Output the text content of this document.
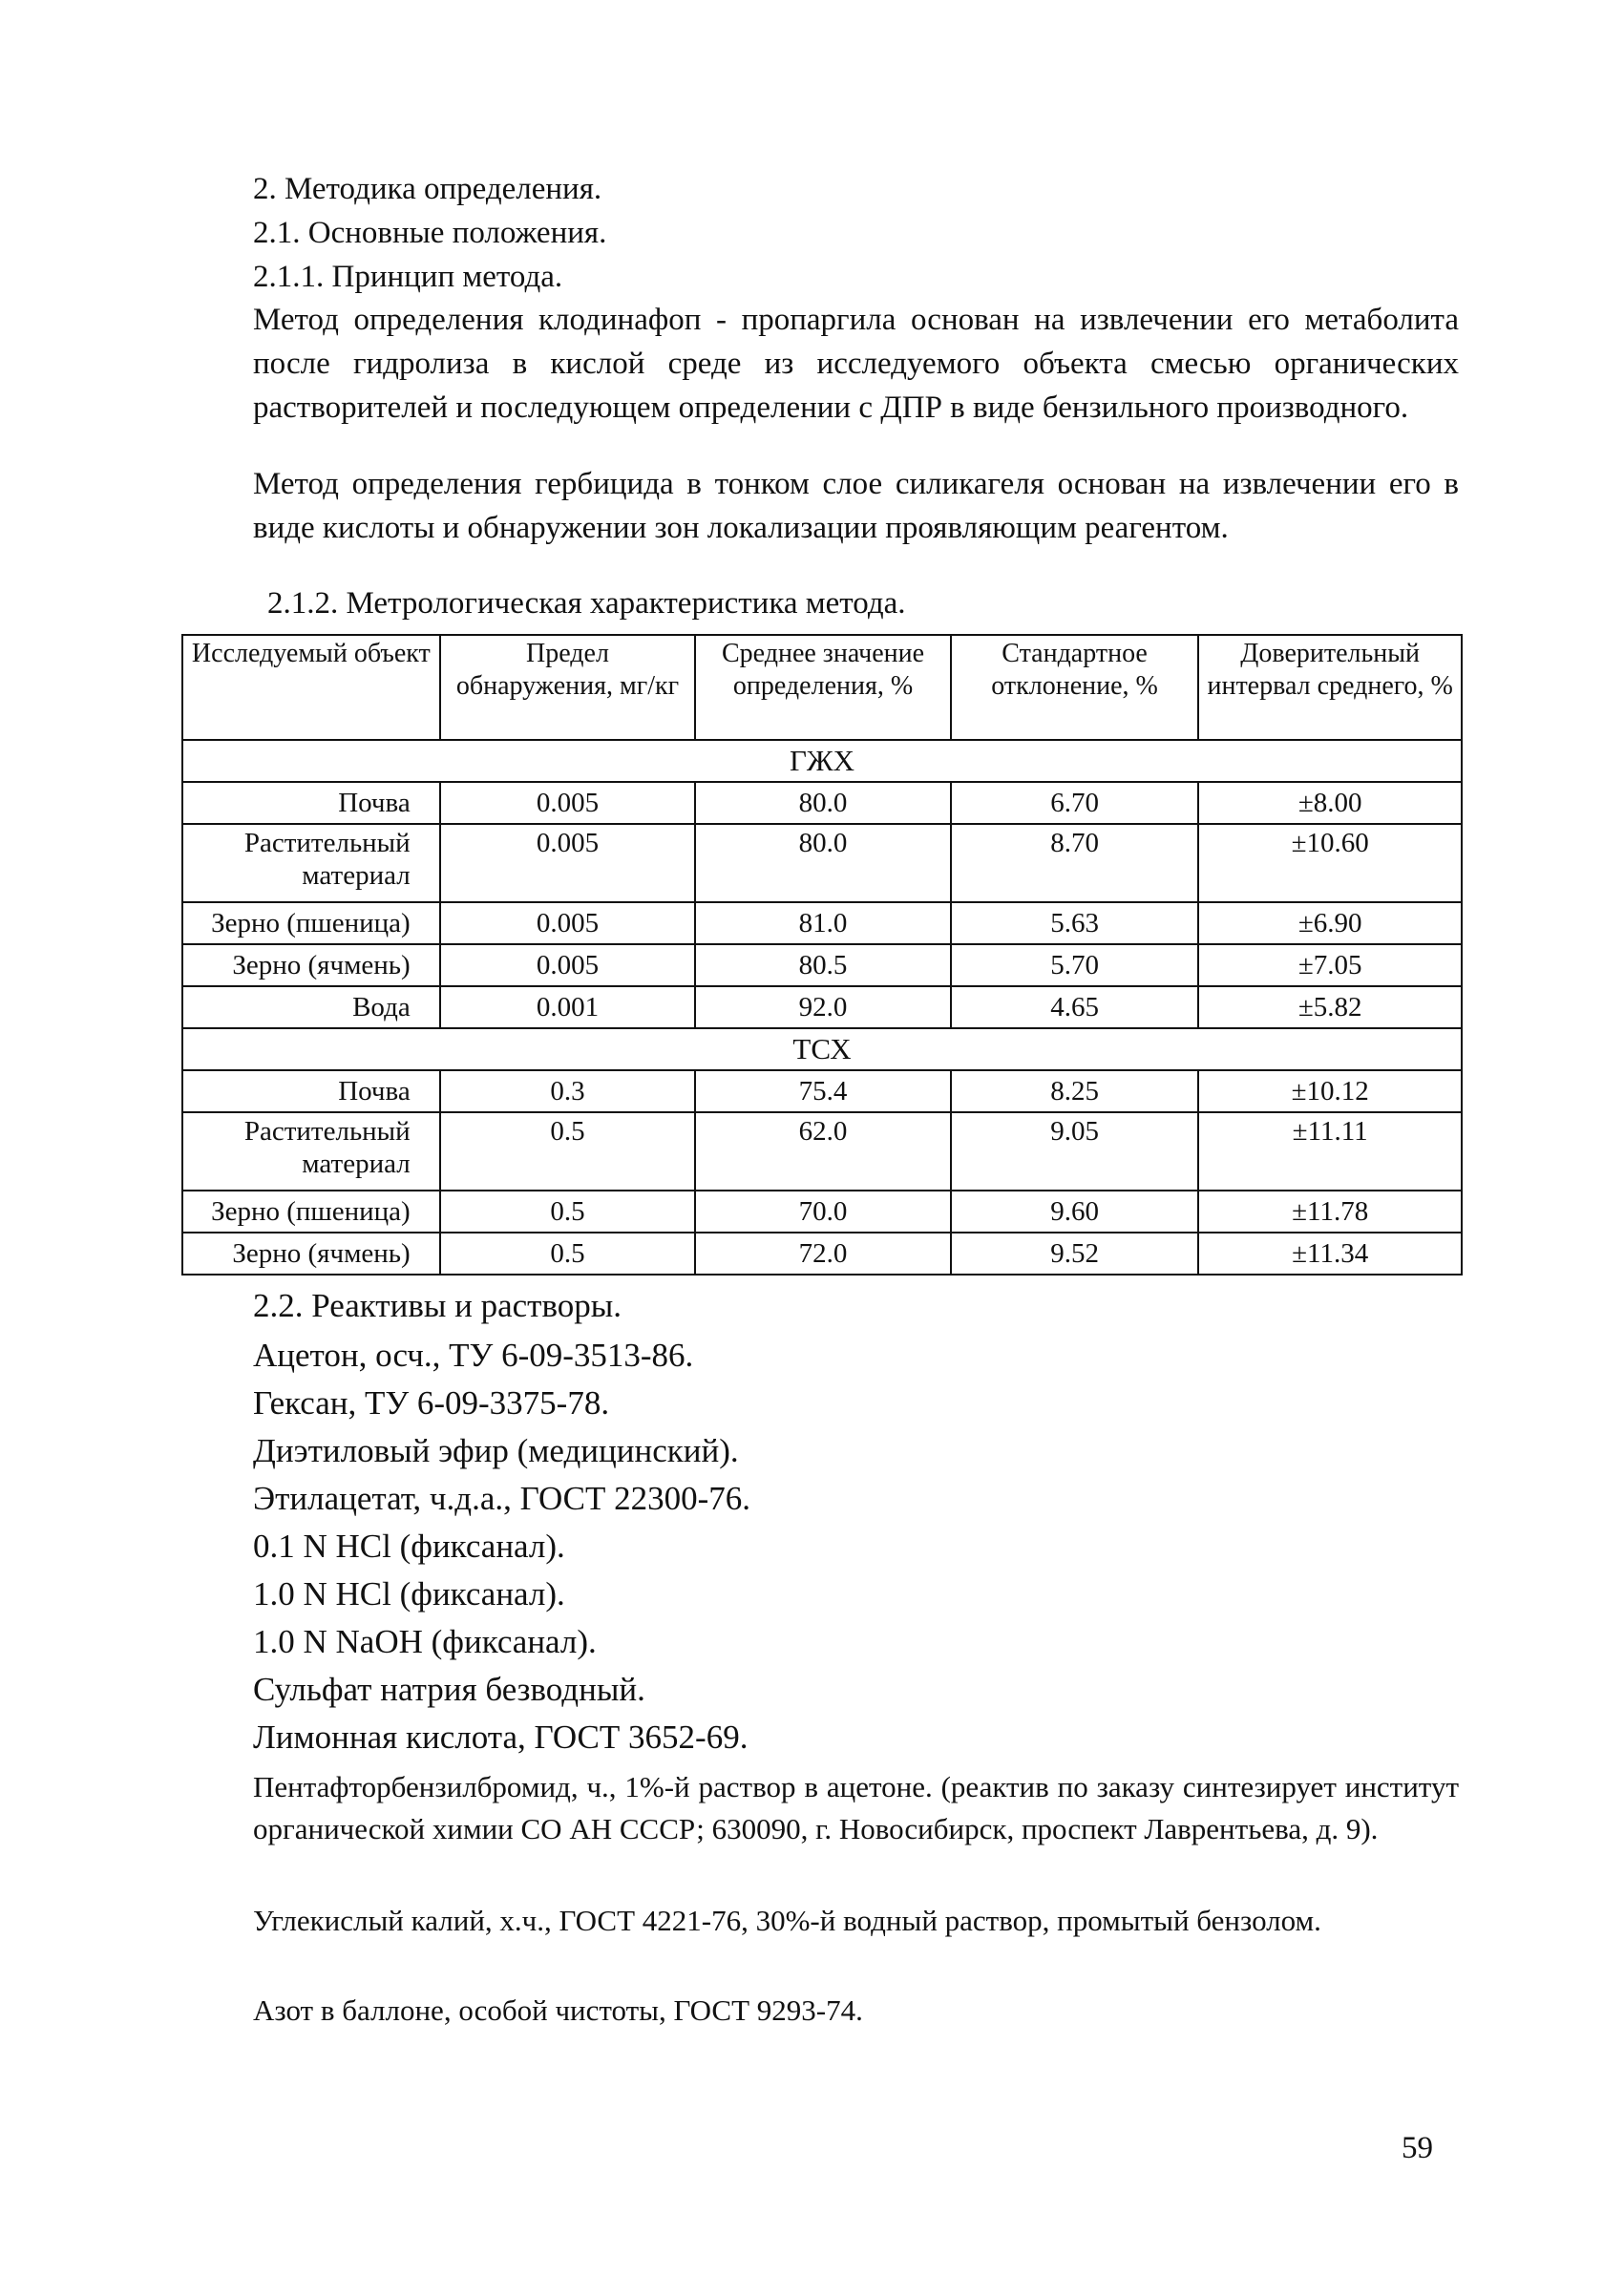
2. Методика определения.
2.1. Основные положения.
2.1.1. Принцип метода.
Метод определения клодинафоп - пропаргила основан на извлечении его метаболита после гидролиза в кислой среде из исследуемого объекта смесью органических растворителей и последующем определении с ДПР в виде бензильного производного.
Метод определения гербицида в тонком слое силикагеля основан на извлечении его в виде кислоты и обнаружении зон локализации проявляющим реагентом.
2.1.2. Метрологическая характеристика метода.
Исследуемый объект	Предел обнаружения, мг/кг	Среднее значение определения, %	Стандартное отклонение, %	Доверительный интервал среднего, %
ГЖХ				
Почва	0.005	80.0	6.70	±8.00
Растительный материал	0.005	80.0	8.70	±10.60
Зерно (пшеница)	0.005	81.0	5.63	±6.90
Зерно (ячмень)	0.005	80.5	5.70	±7.05
Вода	0.001	92.0	4.65	±5.82
ТСХ				
Почва	0.3	75.4	8.25	±10.12
Растительный материал	0.5	62.0	9.05	±11.11
Зерно (пшеница)	0.5	70.0	9.60	±11.78
Зерно (ячмень)	0.5	72.0	9.52	±11.34
2.2. Реактивы и растворы.
Ацетон, осч., ТУ 6-09-3513-86.
Гексан, ТУ 6-09-3375-78.
Диэтиловый эфир (медицинский).
Этилацетат, ч.д.а., ГОСТ 22300-76.
0.1 N HCl (фиксанал).
1.0 N HCl (фиксанал).
1.0 N NaOH (фиксанал).
Сульфат натрия безводный.
Лимонная кислота, ГОСТ 3652-69.
Пентафторбензилбромид, ч., 1%-й раствор в ацетоне. (реактив по заказу синтезирует институт органической химии СО АН СССР; 630090, г. Новосибирск, проспект Лаврентьева, д. 9).
Углекислый калий, х.ч., ГОСТ 4221-76, 30%-й водный раствор, промытый бензолом.
Азот в баллоне, особой чистоты, ГОСТ 9293-74.
59
